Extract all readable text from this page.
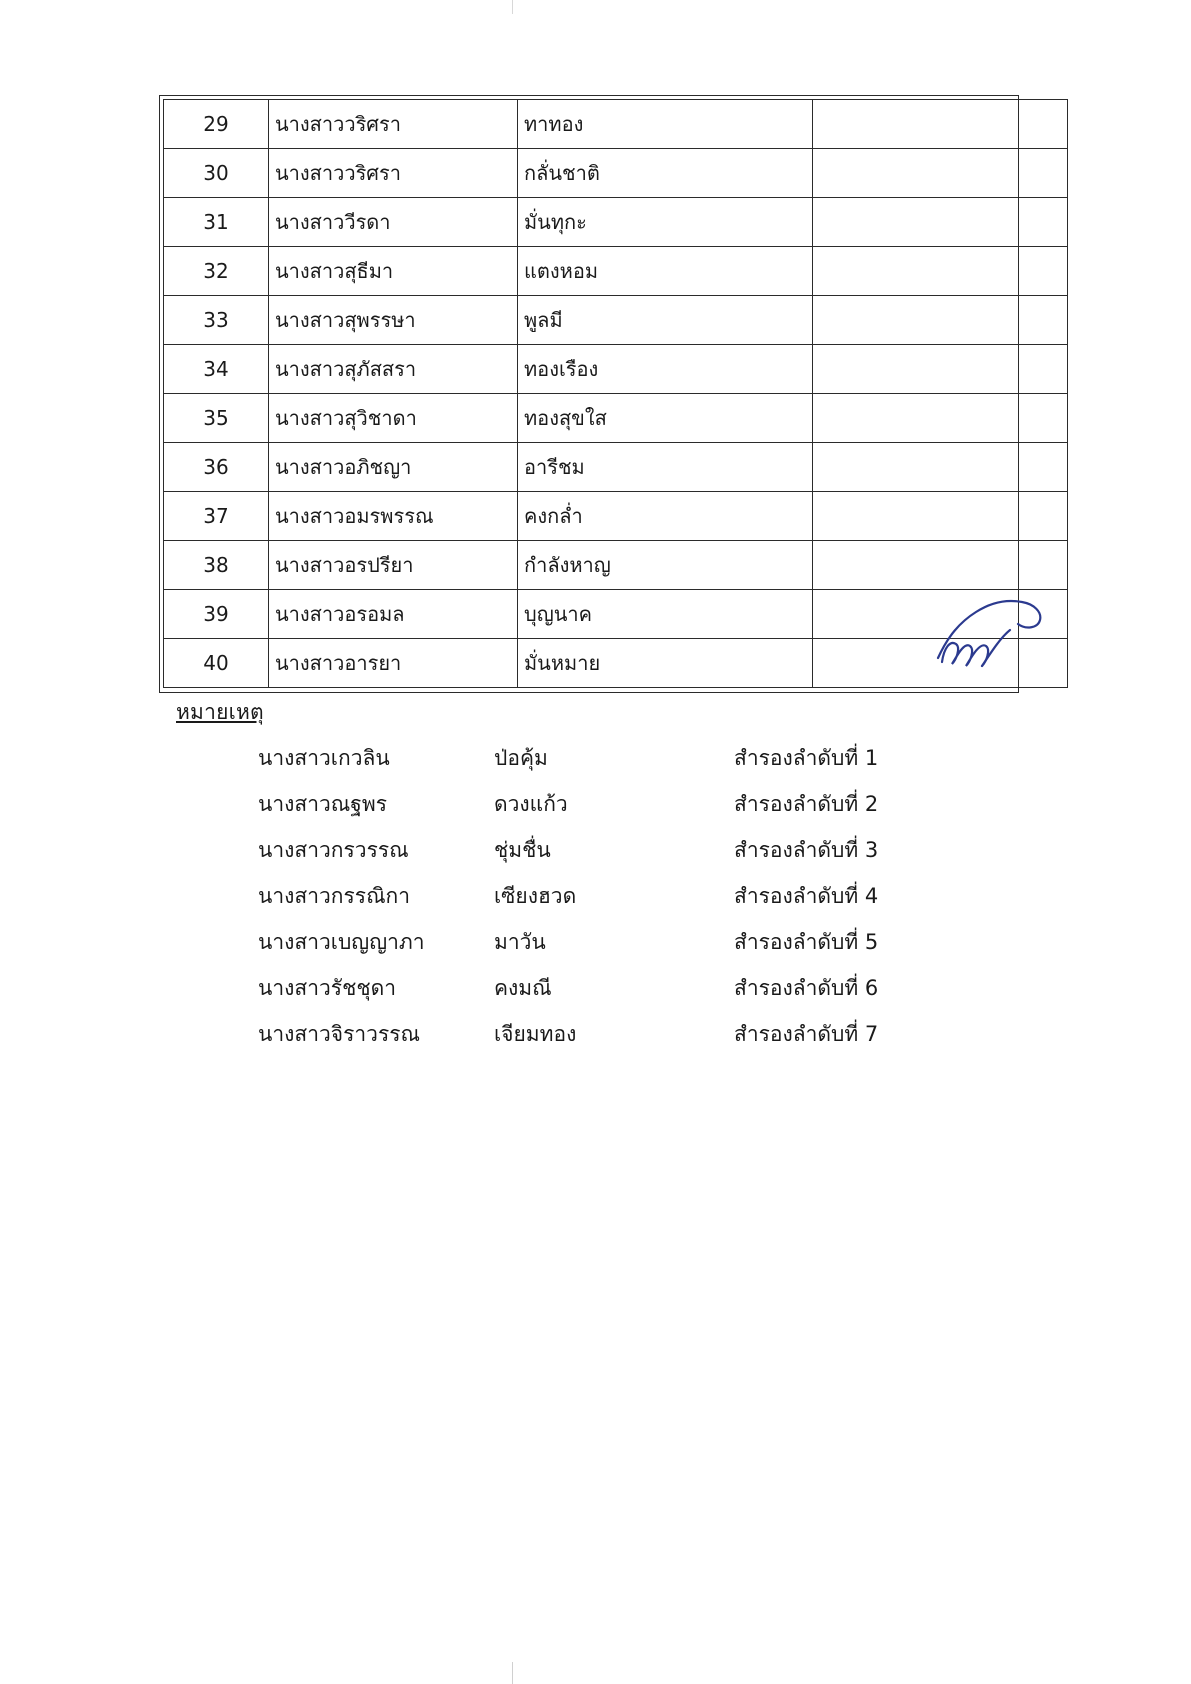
29	นางสาววริศรา	ทาทอง	
30	นางสาววริศรา	กลั่นชาติ	
31	นางสาววีรดา	มั่นทุกะ	
32	นางสาวสุธีมา	แตงหอม	
33	นางสาวสุพรรษา	พูลมี	
34	นางสาวสุภัสสรา	ทองเรือง	
35	นางสาวสุวิชาดา	ทองสุขใส	
36	นางสาวอภิชญา	อารีชม	
37	นางสาวอมรพรรณ	คงกล่ำ	
38	นางสาวอรปรียา	กำลังหาญ	
39	นางสาวอรอมล	บุญนาค	
40	นางสาวอารยา	มั่นหมาย	
หมายเหตุ
นางสาวเกวลิน	ป่อคุ้ม	สำรองลำดับที่ 1
นางสาวณฐพร	ดวงแก้ว	สำรองลำดับที่ 2
นางสาวกรวรรณ	ชุ่มชื่น	สำรองลำดับที่ 3
นางสาวกรรณิกา	เซียงฮวด	สำรองลำดับที่ 4
นางสาวเบญญาภา	มาวัน	สำรองลำดับที่ 5
นางสาวรัชชุดา	คงมณี	สำรองลำดับที่ 6
นางสาวจิราวรรณ	เจียมทอง	สำรองลำดับที่ 7
